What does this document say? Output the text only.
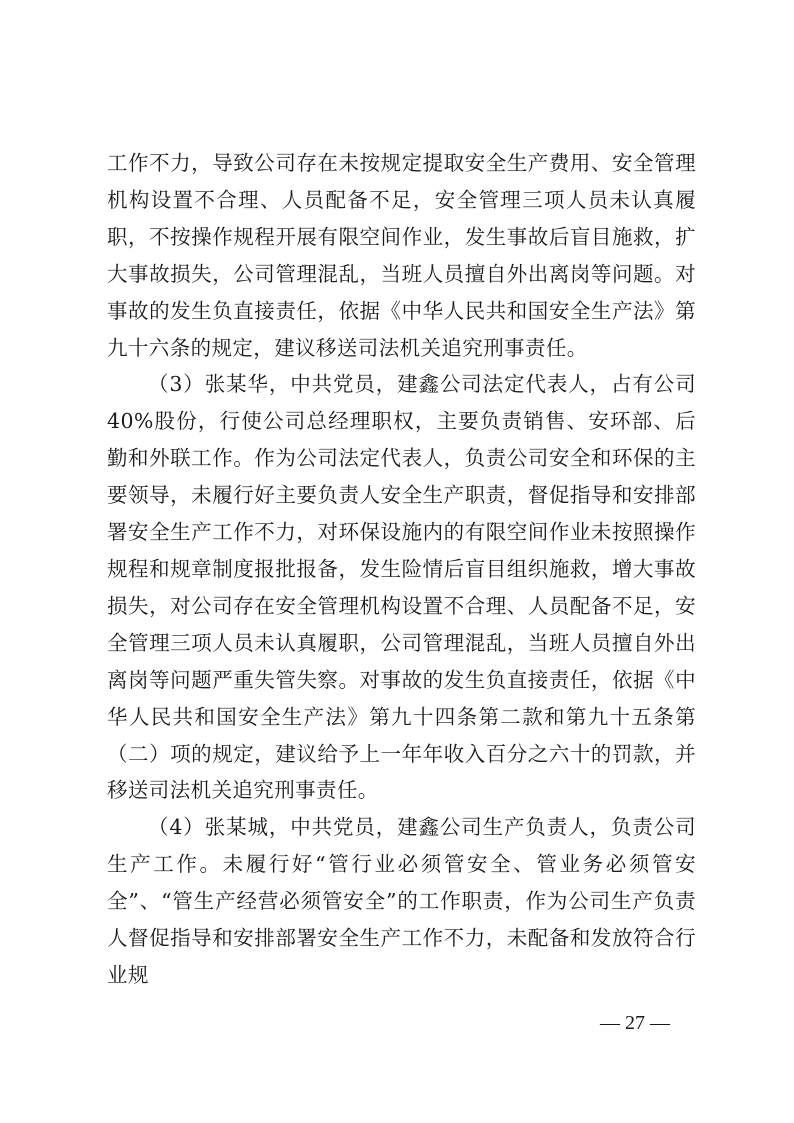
工作不力，导致公司存在未按规定提取安全生产费用、安全管理机构设置不合理、人员配备不足，安全管理三项人员未认真履职，不按操作规程开展有限空间作业，发生事故后盲目施救，扩大事故损失，公司管理混乱，当班人员擅自外出离岗等问题。对事故的发生负直接责任，依据《中华人民共和国安全生产法》第九十六条的规定，建议移送司法机关追究刑事责任。

（3）张某华，中共党员，建鑫公司法定代表人，占有公司40%股份，行使公司总经理职权，主要负责销售、安环部、后勤和外联工作。作为公司法定代表人，负责公司安全和环保的主要领导，未履行好主要负责人安全生产职责，督促指导和安排部署安全生产工作不力，对环保设施内的有限空间作业未按照操作规程和规章制度报批报备，发生险情后盲目组织施救，增大事故损失，对公司存在安全管理机构设置不合理、人员配备不足，安全管理三项人员未认真履职，公司管理混乱，当班人员擅自外出离岗等问题严重失管失察。对事故的发生负直接责任，依据《中华人民共和国安全生产法》第九十四条第二款和第九十五条第（二）项的规定，建议给予上一年年收入百分之六十的罚款，并移送司法机关追究刑事责任。

（4）张某城，中共党员，建鑫公司生产负责人，负责公司生产工作。未履行好“管行业必须管安全、管业务必须管安全”、“管生产经营必须管安全”的工作职责，作为公司生产负责人督促指导和安排部署安全生产工作不力，未配备和发放符合行业规

— 27 —
